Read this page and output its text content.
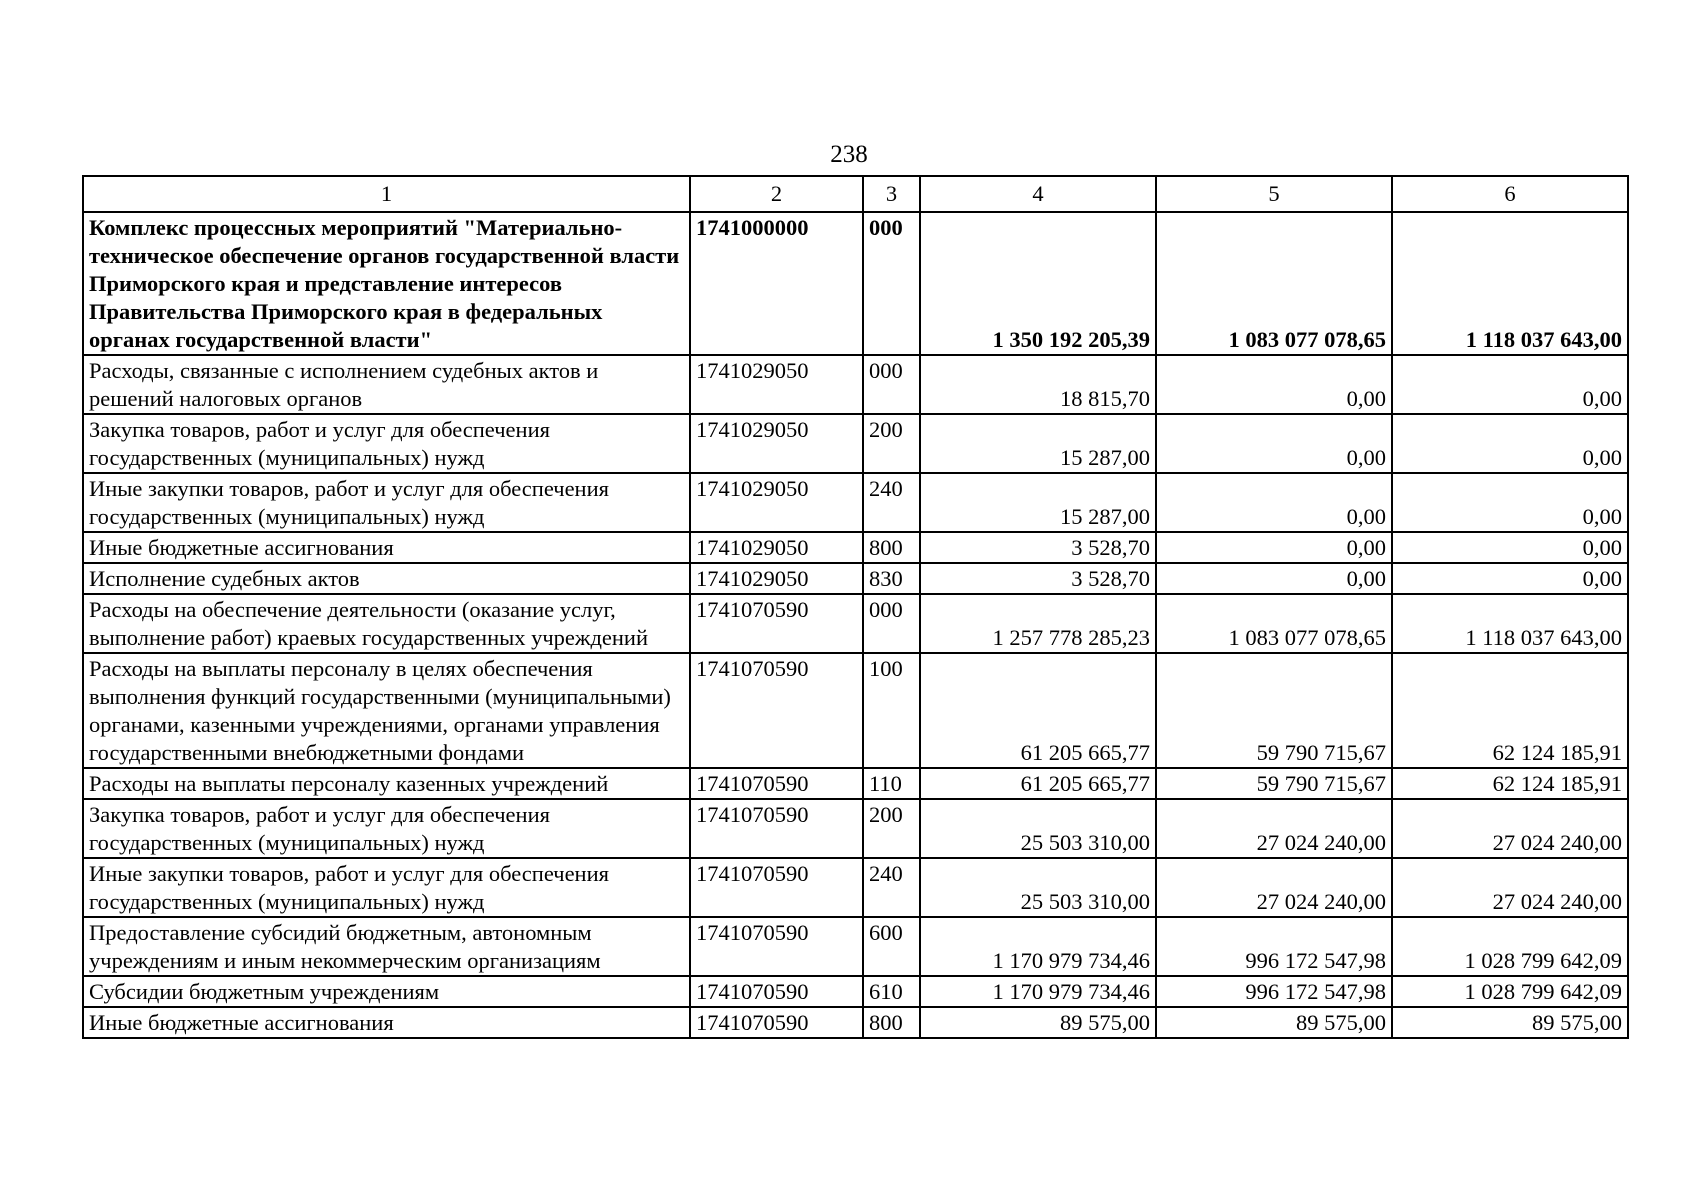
238
1	2	3	4	5	6
Комплекс процессных мероприятий "Материально-техническое обеспечение органов государственной власти Приморского края и представление интересов Правительства Приморского края в федеральных органах государственной власти"	1741000000	000	1 350 192 205,39	1 083 077 078,65	1 118 037 643,00
Расходы, связанные с исполнением судебных актов и решений налоговых органов	1741029050	000	18 815,70	0,00	0,00
Закупка товаров, работ и услуг для обеспечения государственных (муниципальных) нужд	1741029050	200	15 287,00	0,00	0,00
Иные закупки товаров, работ и услуг для обеспечения государственных (муниципальных) нужд	1741029050	240	15 287,00	0,00	0,00
Иные бюджетные ассигнования	1741029050	800	3 528,70	0,00	0,00
Исполнение судебных актов	1741029050	830	3 528,70	0,00	0,00
Расходы на обеспечение деятельности (оказание услуг, выполнение работ) краевых государственных учреждений	1741070590	000	1 257 778 285,23	1 083 077 078,65	1 118 037 643,00
Расходы на выплаты персоналу в целях обеспечения выполнения функций государственными (муниципальными) органами, казенными учреждениями, органами управления государственными внебюджетными фондами	1741070590	100	61 205 665,77	59 790 715,67	62 124 185,91
Расходы на выплаты персоналу казенных учреждений	1741070590	110	61 205 665,77	59 790 715,67	62 124 185,91
Закупка товаров, работ и услуг для обеспечения государственных (муниципальных) нужд	1741070590	200	25 503 310,00	27 024 240,00	27 024 240,00
Иные закупки товаров, работ и услуг для обеспечения государственных (муниципальных) нужд	1741070590	240	25 503 310,00	27 024 240,00	27 024 240,00
Предоставление субсидий бюджетным, автономным учреждениям и иным некоммерческим организациям	1741070590	600	1 170 979 734,46	996 172 547,98	1 028 799 642,09
Субсидии бюджетным учреждениям	1741070590	610	1 170 979 734,46	996 172 547,98	1 028 799 642,09
Иные бюджетные ассигнования	1741070590	800	89 575,00	89 575,00	89 575,00
